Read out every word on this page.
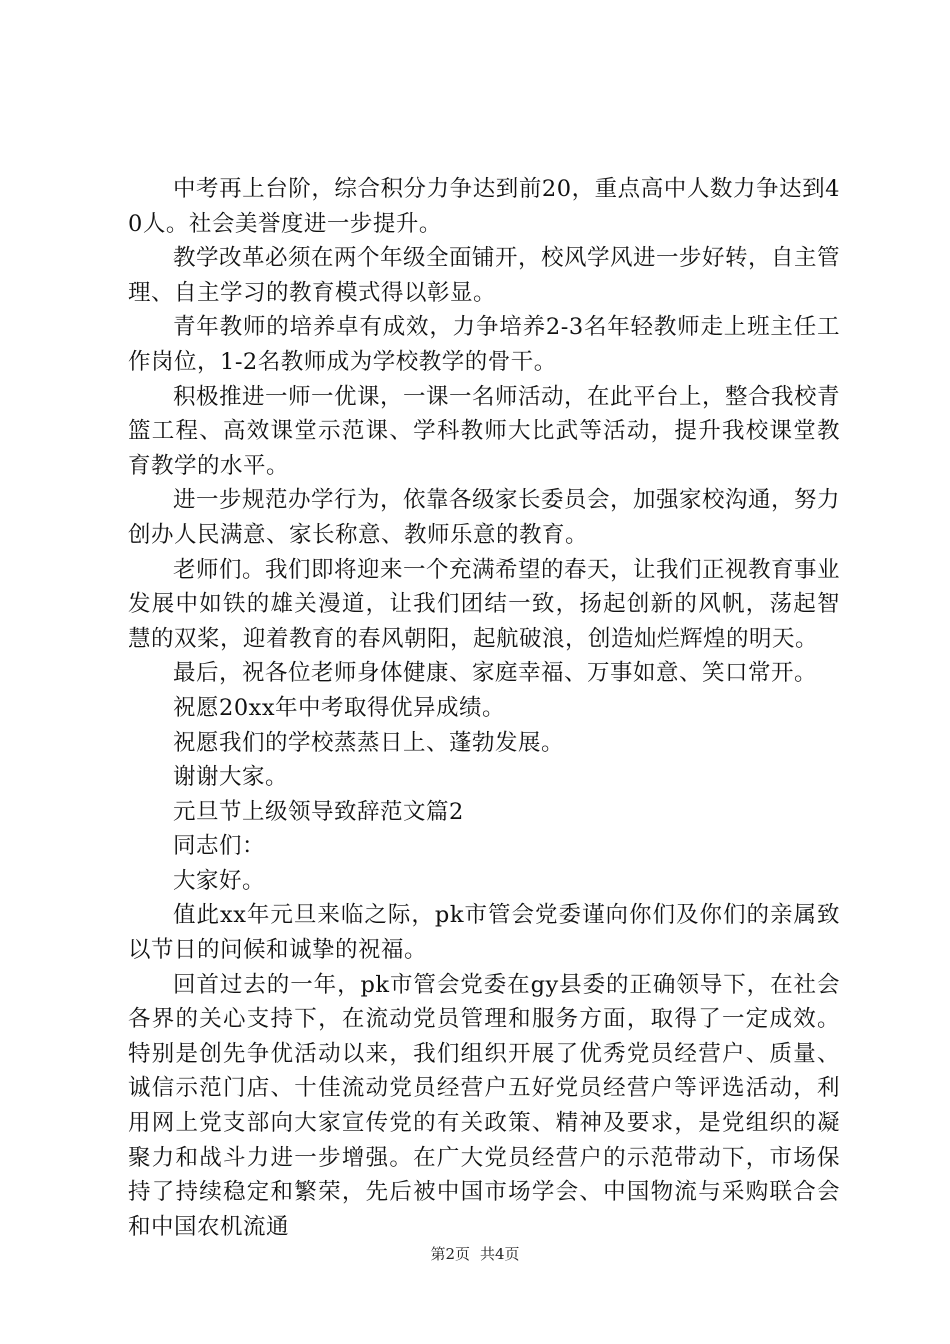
中考再上台阶，综合积分力争达到前20，重点高中人数力争达到40人。社会美誉度进一步提升。

教学改革必须在两个年级全面铺开，校风学风进一步好转，自主管理、自主学习的教育模式得以彰显。

青年教师的培养卓有成效，力争培养2-3名年轻教师走上班主任工作岗位，1-2名教师成为学校教学的骨干。

积极推进一师一优课，一课一名师活动，在此平台上，整合我校青篮工程、高效课堂示范课、学科教师大比武等活动，提升我校课堂教育教学的水平。

进一步规范办学行为，依靠各级家长委员会，加强家校沟通，努力创办人民满意、家长称意、教师乐意的教育。

老师们。我们即将迎来一个充满希望的春天，让我们正视教育事业发展中如铁的雄关漫道，让我们团结一致，扬起创新的风帆，荡起智慧的双桨，迎着教育的春风朝阳，起航破浪，创造灿烂辉煌的明天。

最后，祝各位老师身体健康、家庭幸福、万事如意、笑口常开。

祝愿20xx年中考取得优异成绩。

祝愿我们的学校蒸蒸日上、蓬勃发展。

谢谢大家。

元旦节上级领导致辞范文篇2

同志们：

大家好。

值此xx年元旦来临之际，pk市管会党委谨向你们及你们的亲属致以节日的问候和诚挚的祝福。

回首过去的一年，pk市管会党委在gy县委的正确领导下，在社会各界的关心支持下，在流动党员管理和服务方面，取得了一定成效。特别是创先争优活动以来，我们组织开展了优秀党员经营户、质量、诚信示范门店、十佳流动党员经营户五好党员经营户等评选活动，利用网上党支部向大家宣传党的有关政策、精神及要求，是党组织的凝聚力和战斗力进一步增强。在广大党员经营户的示范带动下，市场保持了持续稳定和繁荣，先后被中国市场学会、中国物流与采购联合会和中国农机流通

第2页 共4页
